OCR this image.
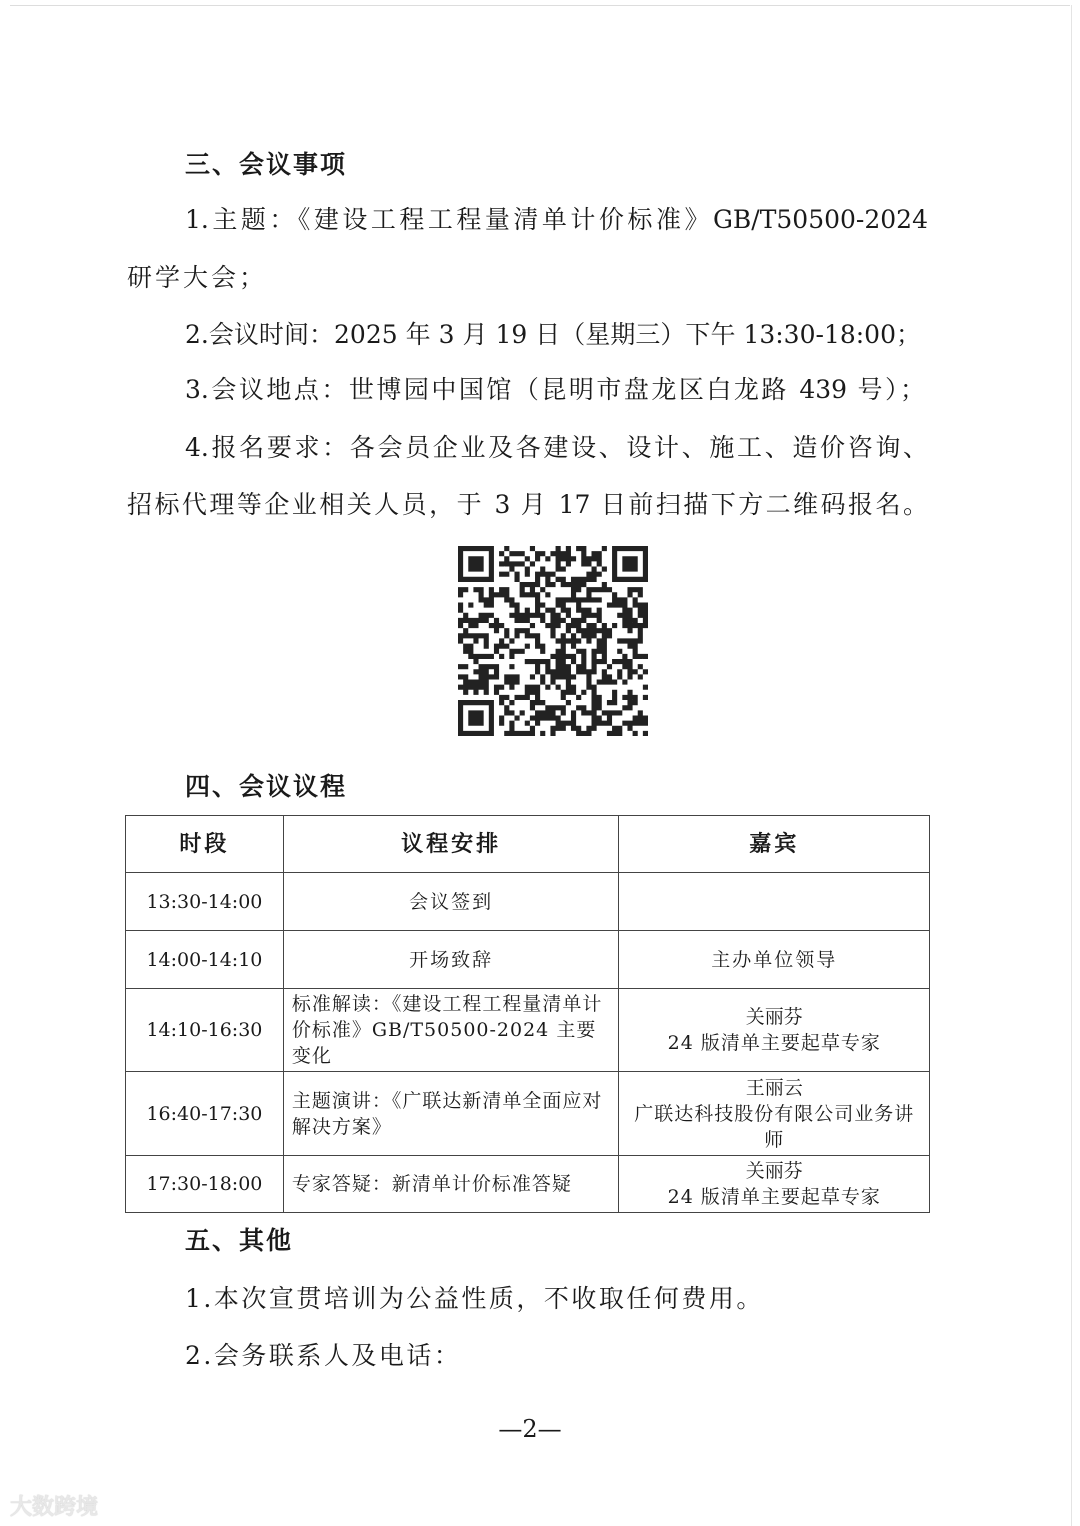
三、会议事项
1.主题：《建设工程工程量清单计价标准》GB/T50500-2024
研学大会；
2.会议时间：2025 年 3 月 19 日（星期三）下午 13:30-18:00；
3.会议地点：世博园中国馆（昆明市盘龙区白龙路 439 号）；
4.报名要求：各会员企业及各建设、设计、施工、造价咨询、
招标代理等企业相关人员，于 3 月 17 日前扫描下方二维码报名。
四、会议议程
时段	议程安排	嘉宾
13:30-14:00	会议签到	
14:00-14:10	开场致辞	主办单位领导
14:10-16:30	标准解读：《建设工程工程量清单计价标准》GB/T50500-2024 主要变化	关丽芬
24 版清单主要起草专家

16:40-17:30	主题演讲：《广联达新清单全面应对解决方案》	王丽云
广联达科技股份有限公司业务讲师

17:30-18:00	专家答疑：新清单计价标准答疑	关丽芬
24 版清单主要起草专家
五、其他
1.本次宣贯培训为公益性质，不收取任何费用。
2.会务联系人及电话：
—2—
大数跨境
